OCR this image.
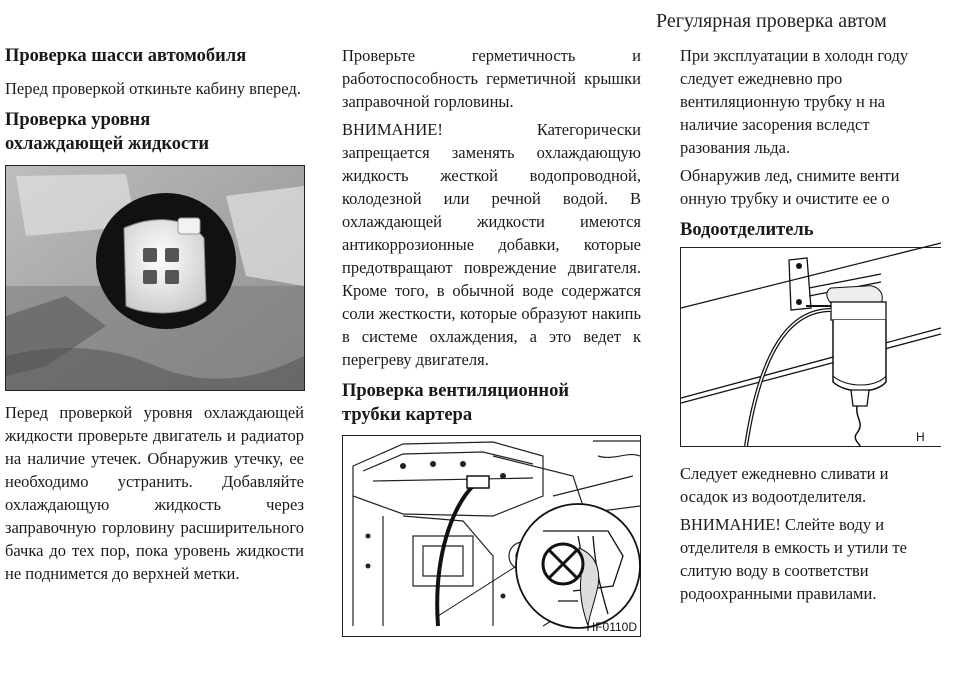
Регулярная проверка автом
Проверка шасси автомобиля

Перед проверкой откиньте кабину вперед.

Проверка уровня
охлаждающей жидкости

Перед проверкой уровня охлаждающей жидкости проверьте двигатель и радиатор на наличие утечек. Обнаружив утечку, ее необходимо устранить. Добавляйте охлаждающую жидкость через заправочную горловину расширительного бачка до тех пор, пока уровень жидкости не поднимется до верхней метки.

Проверьте герметичность и работоспособность герметичной крышки заправочной горловины.

ВНИМАНИЕ! Категорически запрещается заменять охлаждающую жидкость жесткой водопроводной, колодезной или речной водой. В охлаждающей жидкости имеются антикоррозионные добавки, которые предотвращают повреждение двигателя. Кроме того, в обычной воде содержатся соли жесткости, которые образуют накипь в системе охлаждения, а это ведет к перегреву двигателя.

Проверка вентиляционной
трубки картера
HF0110D

При эксплуатации в холодн году следует ежедневно про вентиляционную трубку н на наличие засорения вследст разования льда.

Обнаружив лед, снимите венти онную трубку и очистите ее о

Водоотделитель
H

Следует ежедневно сливати и осадок из водоотделителя.

ВНИМАНИЕ! Слейте воду и отделителя в емкость и утили те слитую воду в соответстви родоохранными правилами.
